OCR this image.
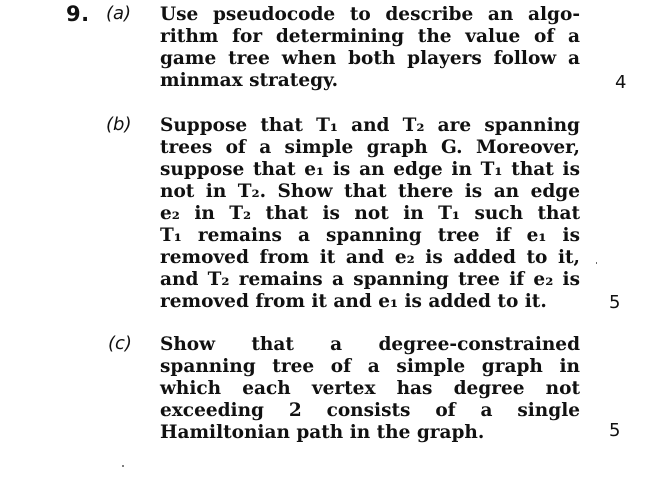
9. (a) Use pseudocode to describe an algo-
rithm for determining the value of a
game tree when both players follow a
minmax strategy.	4
(b) Suppose that T₁ and T₂ are spanning
trees of a simple graph G. Moreover,
suppose that e₁ is an edge in T₁ that is
not in T₂. Show that there is an edge
e₂ in T₂ that is not in T₁ such that
T₁ remains a spanning tree if e₁ is
removed from it and e₂ is added to it,
and T₂ remains a spanning tree if e₂ is
removed from it and e₁ is added to it.	5
(c) Show that a degree-constrained
spanning tree of a simple graph in
which each vertex has degree not
exceeding 2 consists of a single
Hamiltonian path in the graph.	5
